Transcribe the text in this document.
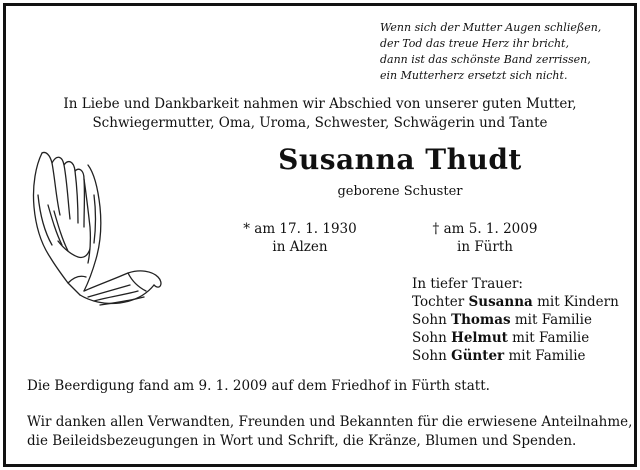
Wenn sich der Mutter Augen schließen,
der Tod das treue Herz ihr bricht,
dann ist das schönste Band zerrissen,
ein Mutterherz ersetzt sich nicht.
In Liebe und Dankbarkeit nahmen wir Abschied von unserer guten Mutter,
Schwiegermutter, Oma, Uroma, Schwester, Schwägerin und Tante
Susanna Thudt
geborene Schuster
* am 17. 1. 1930
in Alzen
† am 5. 1. 2009
in Fürth
In tiefer Trauer:
Tochter Susanna mit Kindern
Sohn Thomas mit Familie
Sohn Helmut mit Familie
Sohn Günter mit Familie
Die Beerdigung fand am 9. 1. 2009 auf dem Friedhof in Fürth statt.
Wir danken allen Verwandten, Freunden und Bekannten für die erwiesene Anteilnahme,
die Beileidsbezeugungen in Wort und Schrift, die Kränze, Blumen und Spenden.
